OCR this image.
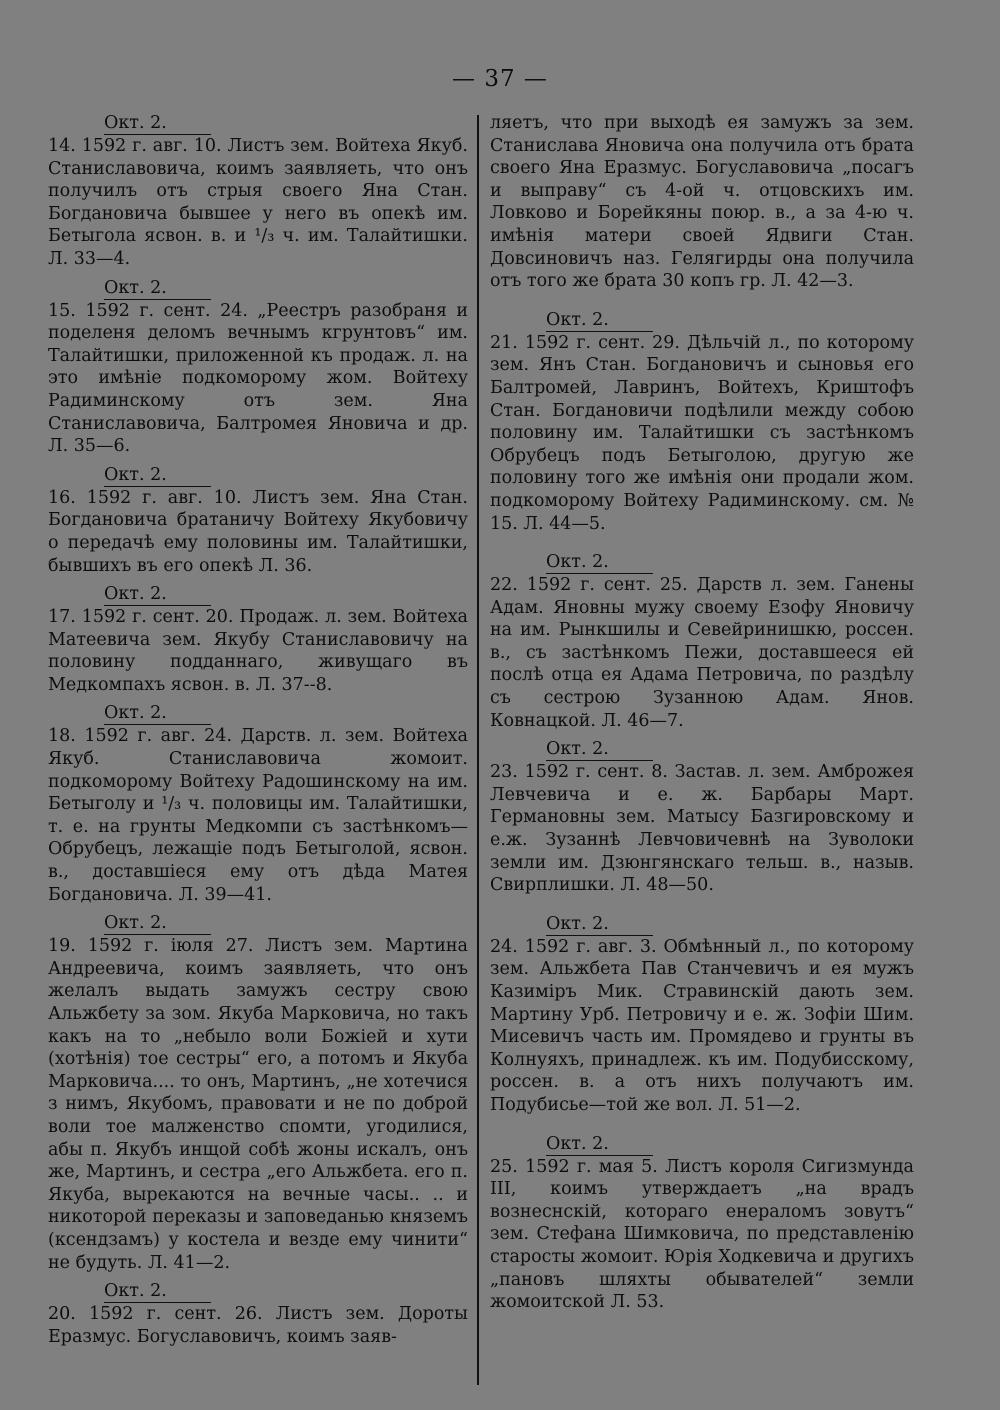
— 37 —
Окт. 2.
14. 1592 г. авг. 10. Листъ зем. Войтеха Якуб. Станиславовича, коимъ заявляеть, что онъ получилъ отъ стрыя своего Яна Стан. Богдановича бывшее у него въ опекѣ им. Бетыгола ясвон. в. и ¹/₃ ч. им. Талайтишки. Л. 33—4.
Окт. 2.
15. 1592 г. сент. 24. „Реестръ разобраня и поделеня деломъ вечнымъ кгрунтовъ“ им. Талайтишки, приложенной къ продаж. л. на это имѣніе подкоморому жом. Войтеху Радиминскому отъ зем. Яна Станиславовича, Балтромея Яновича и др. Л. 35—6.
Окт. 2.
16. 1592 г. авг. 10. Листъ зем. Яна Стан. Богдановича братаничу Войтеху Якубовичу о передачѣ ему половины им. Талайтишки, бывшихъ въ его опекѣ Л. 36.
Окт. 2.
17. 1592 г. сент. 20. Продаж. л. зем. Войтеха Матеевича зем. Якубу Станиславовичу на половину подданнаго, живущаго въ Медкомпахъ ясвон. в. Л. 37--8.
Окт. 2.
18. 1592 г. авг. 24. Дарств. л. зем. Войтеха Якуб. Станиславовича жомоит. подкоморому Войтеху Радошинскому на им. Бетыголу и ¹/₃ ч. половицы им. Талайтишки, т. е. на грунты Медкомпи съ застѣнкомъ—Обрубецъ, лежащіе подъ Бетыголой, ясвон. в., доставшіеся ему отъ дѣда Матея Богдановича. Л. 39—41.
Окт. 2.
19. 1592 г. іюля 27. Листъ зем. Мартина Андреевича, коимъ заявляеть, что онъ желалъ выдать замужъ сестру свою Альжбету за зом. Якуба Марковича, но такъ какъ на то „небыло воли Божіей и хути (хотѣнія) тое сестры“ его, а потомъ и Якуба Марковича.... то онъ, Мартинъ, „не хотечися з нимъ, Якубомъ, правовати и не по доброй воли тое малженство спомти, угодилися, абы п. Якубъ инщой собѣ жоны искалъ, онъ же, Мартинъ, и сестра „его Альжбета. его п. Якуба, вырекаются на вечные часы.. .. и никоторой переказы и заповеданью княземъ (ксендзамъ) у костела и везде ему чинити“ не будуть. Л. 41—2.
Окт. 2.
20. 1592 г. сент. 26. Листъ зем. Дороты Еразмус. Богуславовичъ, коимъ заяв-
ляетъ, что при выходѣ ея замужъ за зем. Станислава Яновича она получила отъ брата своего Яна Еразмус. Богуславовича „посагъ и выправу“ съ 4-ой ч. отцовскихъ им. Ловково и Борейкяны поюр. в., а за 4-ю ч. имѣнія матери своей Ядвиги Стан. Довсиновичъ наз. Гелягирды она получила отъ того же брата 30 копъ гр. Л. 42—3.
Окт. 2.
21. 1592 г. сент. 29. Дѣльчій л., по которому зем. Янъ Стан. Богдановичъ и сыновья его Балтромей, Лавринъ, Войтехъ, Криштофъ Стан. Богдановичи подѣлили между собою половину им. Талайтишки съ застѣнкомъ Обрубецъ подъ Бетыголою, другую же половину того же имѣнія они продали жом. подкоморому Войтеху Радиминскому. см. № 15. Л. 44—5.
Окт. 2.
22. 1592 г. сент. 25. Дарств л. зем. Ганены Адам. Яновны мужу своему Езофу Яновичу на им. Рынкшилы и Севейринишкю, россен. в., съ застѣнкомъ Пежи, доставшееся ей послѣ отца ея Адама Петровича, по раздѣлу съ сестрою Зузанною Адам. Янов. Ковнацкой. Л. 46—7.
Окт. 2.
23. 1592 г. сент. 8. Застав. л. зем. Амброжея Левчевича и е. ж. Барбары Март. Германовны зем. Матысу Базгировскому и е.ж. Зузаннѣ Левчовичевнѣ на Зуволоки земли им. Дзюнгянскаго тельш. в., назыв. Свирплишки. Л. 48—50.
Окт. 2.
24. 1592 г. авг. 3. Обмѣнный л., по которому зем. Альжбета Пав Станчевичъ и ея мужъ Казиміръ Мик. Стравинскій дають зем. Мартину Урб. Петровичу и е. ж. Зофіи Шим. Мисевичъ часть им. Промядево и грунты въ Колнуяхъ, принадлеж. къ им. Подубисскому, россен. в. а отъ нихъ получаютъ им. Подубисье—той же вол. Л. 51—2.
Окт. 2.
25. 1592 г. мая 5. Листъ короля Сигизмунда III, коимъ утверждаетъ „на врадъ вознеснскій, котораго енераломъ зовутъ“ зем. Стефана Шимковича, по представленію старосты жомоит. Юрія Ходкевича и другихъ „пановъ шляхты обывателей“ земли жомоитской Л. 53.
